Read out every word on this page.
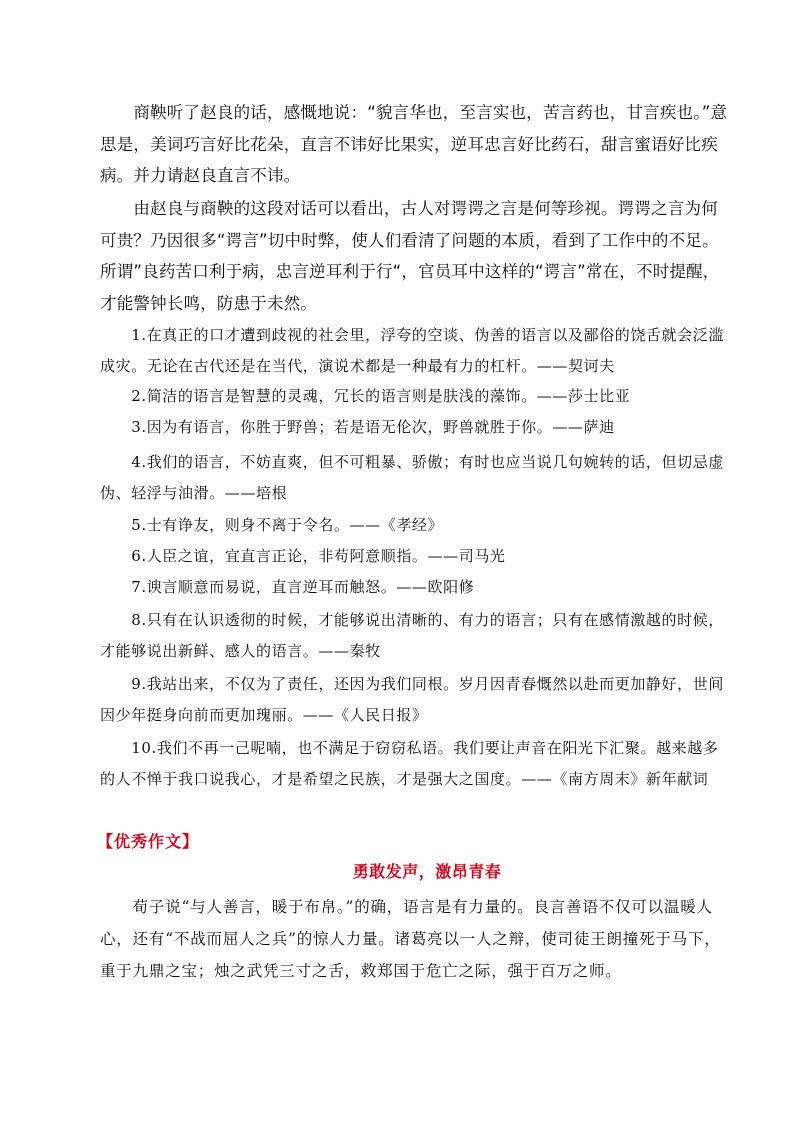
　　商鞅听了赵良的话，感慨地说：“貌言华也，至言实也，苦言药也，甘言疾也。”意思是，美词巧言好比花朵，直言不讳好比果实，逆耳忠言好比药石，甜言蜜语好比疾病。并力请赵良直言不讳。
　　由赵良与商鞅的这段对话可以看出，古人对谔谔之言是何等珍视。谔谔之言为何可贵？乃因很多“谔言”切中时弊，使人们看清了问题的本质，看到了工作中的不足。所谓”良药苦口利于病，忠言逆耳利于行“，官员耳中这样的“谔言”常在，不时提醒，才能警钟长鸣，防患于未然。
　　1.在真正的口才遭到歧视的社会里，浮夸的空谈、伪善的语言以及鄙俗的饶舌就会泛滥成灾。无论在古代还是在当代，演说术都是一种最有力的杠杆。——契诃夫
　　2.简洁的语言是智慧的灵魂，冗长的语言则是肤浅的藻饰。——莎士比亚
　　3.因为有语言，你胜于野兽；若是语无伦次，野兽就胜于你。——萨迪
　　4.我们的语言，不妨直爽，但不可粗暴、骄傲；有时也应当说几句婉转的话，但切忌虚伪、轻浮与油滑。——培根
　　5.士有诤友，则身不离于令名。——《孝经》
　　6.人臣之谊，宜直言正论，非苟阿意顺指。——司马光
　　7.谀言顺意而易说，直言逆耳而触怒。——欧阳修
　　8.只有在认识透彻的时候，才能够说出清晰的、有力的语言；只有在感情激越的时候，才能够说出新鲜、感人的语言。——秦牧
　　9.我站出来，不仅为了责任，还因为我们同根。岁月因青春慨然以赴而更加静好，世间因少年挺身向前而更加瑰丽。——《人民日报》
　　10.我们不再一己呢喃，也不满足于窃窃私语。我们要让声音在阳光下汇聚。越来越多的人不惮于我口说我心，才是希望之民族，才是强大之国度。——《南方周末》新年献词
【优秀作文】
勇敢发声，激昂青春
　　荀子说“与人善言，暖于布帛。”的确，语言是有力量的。良言善语不仅可以温暖人心，还有“不战而屈人之兵”的惊人力量。诸葛亮以一人之辩，使司徒王朗撞死于马下，重于九鼎之宝；烛之武凭三寸之舌，救郑国于危亡之际，强于百万之师。
